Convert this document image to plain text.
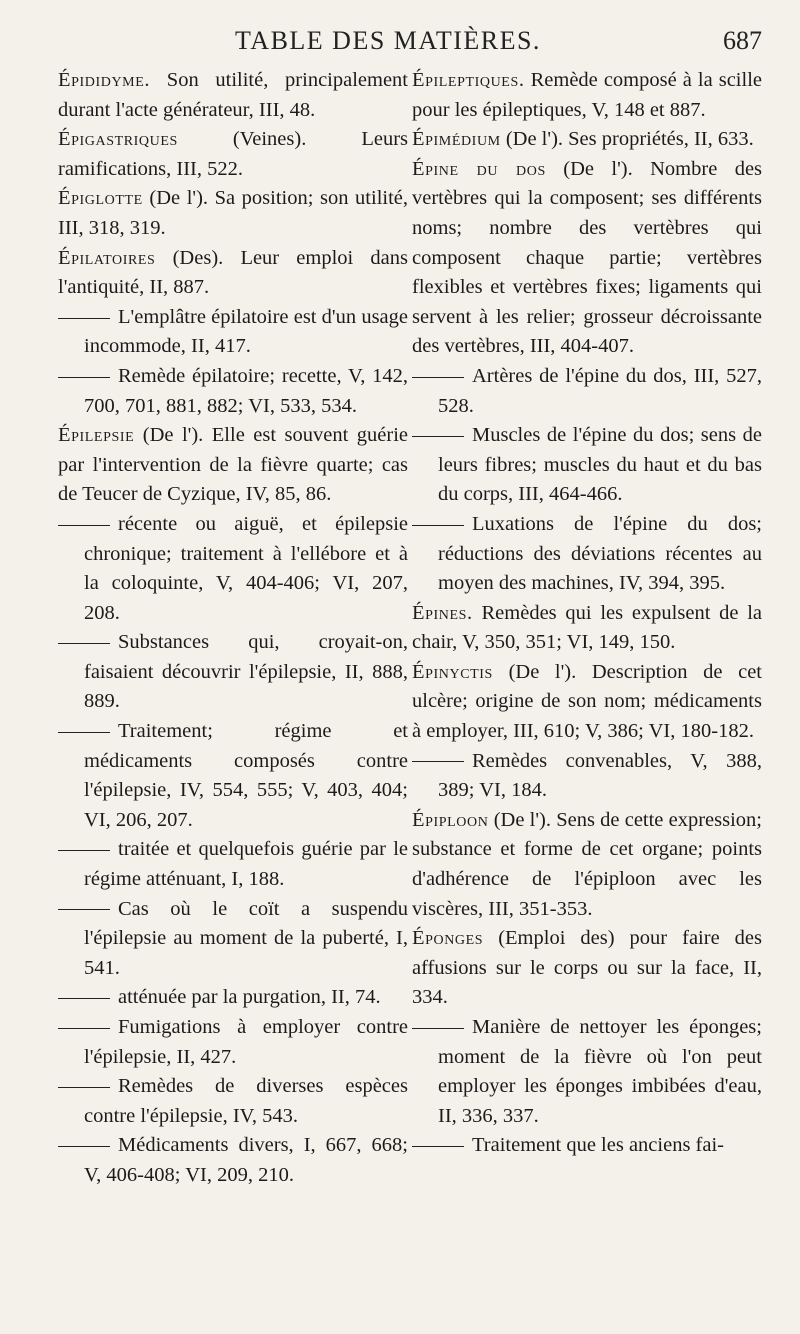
TABLE DES MATIÈRES.	687

Épididyme. Son utilité, principalement durant l'acte générateur, III, 48.

Épigastriques	(Veines). Leurs ramifications, III, 522.

Épiglotte (De l'). Sa position; son utilité, III, 318, 319.

Épilatoires (Des). Leur emploi dans l'antiquité, II, 887.

L'emplâtre épilatoire est d'un usage incommode, II, 417.

Remède épilatoire; recette, V, 142, 700, 701, 881, 882; VI, 533, 534.

Épilepsie (De l'). Elle est souvent guérie par l'intervention de la fièvre quarte; cas de Teucer de Cyzique, IV, 85, 86.

récente ou aiguë, et épilepsie chronique; traitement à l'ellébore et à la coloquinte, V, 404-406; VI, 207, 208.

Substances qui, croyait-on, faisaient découvrir l'épilepsie, II, 888, 889.

Traitement; régime et médicaments composés contre l'épilepsie, IV, 554, 555; V, 403, 404; VI, 206, 207.

traitée et quelquefois guérie par le régime atténuant, I, 188.

Cas où le coït a suspendu l'épilepsie au moment de la puberté, I, 541.

atténuée par la purgation, II, 74.

Fumigations à employer contre l'épilepsie, II, 427.

Remèdes de diverses espèces contre l'épilepsie, IV, 543.

Médicaments divers, I, 667, 668; V, 406-408; VI, 209, 210.

Épileptiques. Remède composé à la scille pour les épileptiques, V, 148 et 887.

Épimédium (De l'). Ses propriétés, II, 633.

Épine du dos (De l'). Nombre des vertèbres qui la composent; ses différents noms; nombre des vertèbres qui composent chaque partie; vertèbres flexibles et vertèbres fixes; ligaments qui servent à les relier; grosseur décroissante des vertèbres, III, 404-407.

Artères de l'épine du dos, III, 527, 528.

Muscles de l'épine du dos; sens de leurs fibres; muscles du haut et du bas du corps, III, 464-466.

Luxations de l'épine du dos; réductions des déviations récentes au moyen des machines, IV, 394, 395.

Épines. Remèdes qui les expulsent de la chair, V, 350, 351; VI, 149, 150.

Épinyctis (De l'). Description de cet ulcère; origine de son nom; médicaments à employer, III, 610; V, 386; VI, 180-182.

Remèdes convenables, V, 388, 389; VI, 184.

Épiploon (De l'). Sens de cette expression; substance et forme de cet organe; points d'adhérence de l'épiploon avec les viscères, III, 351-353.

Éponges (Emploi des) pour faire des affusions sur le corps ou sur la face, II, 334.

Manière de nettoyer les éponges; moment de la fièvre où l'on peut employer les éponges imbibées d'eau, II, 336, 337.

Traitement que les anciens fai-
